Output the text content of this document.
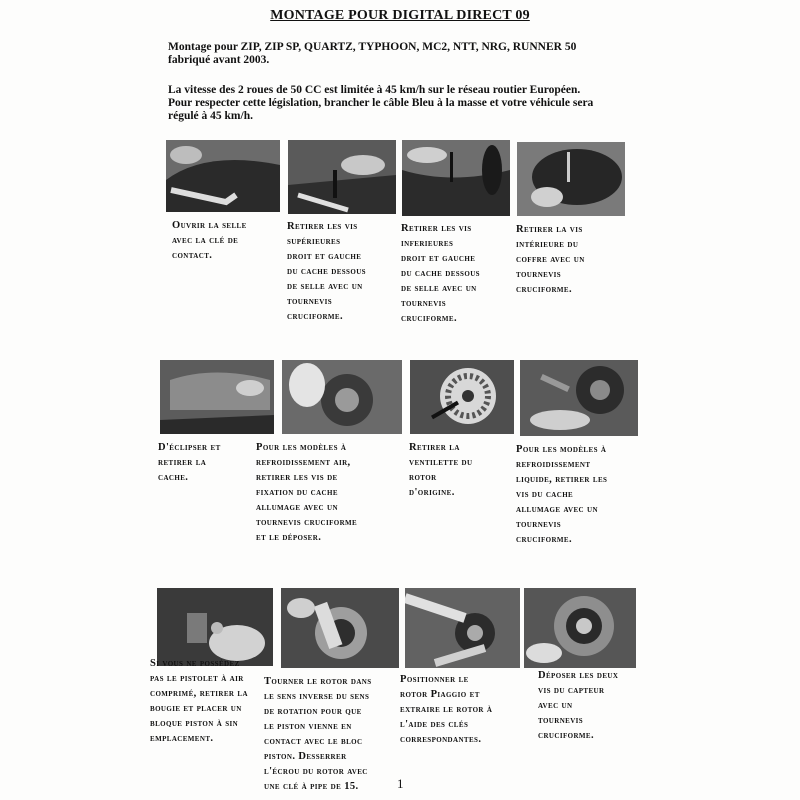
MONTAGE POUR DIGITAL DIRECT 09
Montage pour ZIP, ZIP SP, QUARTZ, TYPHOON, MC2, NTT, NRG, RUNNER 50
fabriqué avant 2003.
La vitesse des 2 roues de 50 CC est limitée à 45 km/h sur le réseau routier Européen.
Pour respecter cette législation, brancher le câble Bleu à la masse et votre véhicule sera
régulé à 45 km/h.
Ouvrir la selle
avec la clé de
contact.
Retirer les vis
supérieures
droit et gauche
du cache dessous
de selle avec un
tournevis
cruciforme.
Retirer les vis
inferieures
droit et gauche
du cache dessous
de selle avec un
tournevis
cruciforme.
Retirer la vis
intérieure du
coffre avec un
tournevis
cruciforme.
D'éclipser et
retirer la
cache.
Pour les modèles à
refroidissement air,
retirer les vis de
fixation du cache
allumage avec un
tournevis cruciforme
et le déposer.
Retirer la
ventilette du
rotor
d'origine.
Pour les modèles à
refroidissement
liquide, retirer les
vis du cache
allumage avec un
tournevis
cruciforme.
Si vous ne possédez
pas le pistolet à air
comprimé, retirer la
bougie et placer un
bloque piston à sin
emplacement.
Tourner le rotor dans
le sens inverse du sens
de rotation pour que
le piston vienne en
contact avec le bloc
piston. Desserrer
l'écrou du rotor avec
une clé à pipe de 15.
Positionner le
rotor Piaggio et
extraire le rotor à
l'aide des clés
correspondantes.
Déposer les deux
vis du capteur
avec un
tournevis
cruciforme.
1
